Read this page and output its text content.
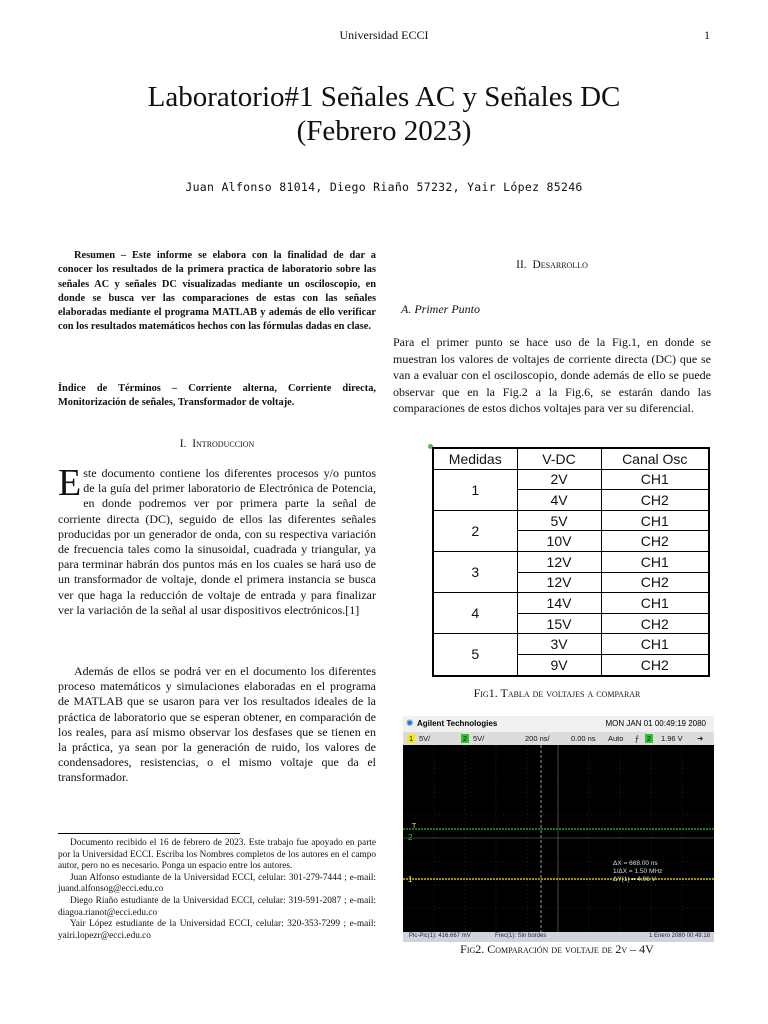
Universidad ECCI	1
Laboratorio#1 Señales AC y Señales DC
(Febrero 2023)
Juan Alfonso 81014, Diego Riaño 57232, Yair López 85246
Resumen – Este informe se elabora con la finalidad de dar a conocer los resultados de la primera practica de laboratorio sobre las señales AC y señales DC visualizadas mediante un osciloscopio, en donde se busca ver las comparaciones de estas con las señales elaboradas mediante el programa MATLAB y además de ello verificar con los resultados matemáticos hechos con las fórmulas dadas en clase.
Índice de Términos – Corriente alterna, Corriente directa, Monitorización de señales, Transformador de voltaje.
I. Introduccion
Este documento contiene los diferentes procesos y/o puntos de la guía del primer laboratorio de Electrónica de Potencia, en donde podremos ver por primera parte la señal de corriente directa (DC), seguido de ellos las diferentes señales producidas por un generador de onda, con su respectiva variación de frecuencia tales como la sinusoidal, cuadrada y triangular, ya para terminar habrán dos puntos más en los cuales se hará uso de un transformador de voltaje, donde el primera instancia se busca ver que haga la reducción de voltaje de entrada y para finalizar ver la variación de la señal al usar dispositivos electrónicos.[1]
Además de ellos se podrá ver en el documento los diferentes proceso matemáticos y simulaciones elaboradas en el programa de MATLAB que se usaron para ver los resultados ideales de la práctica de laboratorio que se esperan obtener, en comparación de los reales, para así mismo observar los desfases que se tienen en la práctica, ya sean por la generación de ruido, los valores de condensadores, resistencias, o el mismo voltaje que da el transformador.

Documento recibido el 16 de febrero de 2023. Este trabajo fue apoyado en parte por la Universidad ECCI. Escriba los Nombres completos de los autores en el campo autor, pero no es necesario. Ponga un espacio entre los autores.

Juan Alfonso estudiante de la Universidad ECCI, celular: 301-279-7444 ; e-mail: juand.alfonsog@ecci.edu.co

Diego Riaño estudiante de la Universidad ECCI, celular: 319-591-2087 ; e-mail: diagoa.rianot@ecci.edu.co

Yair López estudiante de la Universidad ECCI, celular: 320-353-7299 ; e-mail: yairi.lopezr@ecci.edu.co

II. Desarrollo
A. Primer Punto
Para el primer punto se hace uso de la Fig.1, en donde se muestran los valores de voltajes de corriente directa (DC) que se van a evaluar con el osciloscopio, donde además de ello se puede observar que en la Fig.2 a la Fig.6, se estarán dando las comparaciones de estos dichos voltajes para ver su diferencial.
Medidas	V-DC	Canal Osc
1	2V	CH1
	4V	CH2
2	5V	CH1
	10V	CH2
3	12V	CH1
	12V	CH2
4	14V	CH1
	15V	CH2
5	3V	CH1
	9V	CH2
Fig1. Tabla de voltajes a comparar
✺ Agilent Technologies	MON JAN 01 00:49:19 2080
1 5V/	2 5V/	200 ns/	0.00 ns Auto ⨍ 2 1.96 V ➔
ΔX = 668.00 ns
1/ΔX = 1.50 MHz
ΔY(1) = 4.06 V
T
2
1
Pic-Pic(1): 416.667 mV	Frec(1): Sin bordes	1 Enero 2080 00:49:18
Fig2. Comparación de voltaje de 2v – 4V
